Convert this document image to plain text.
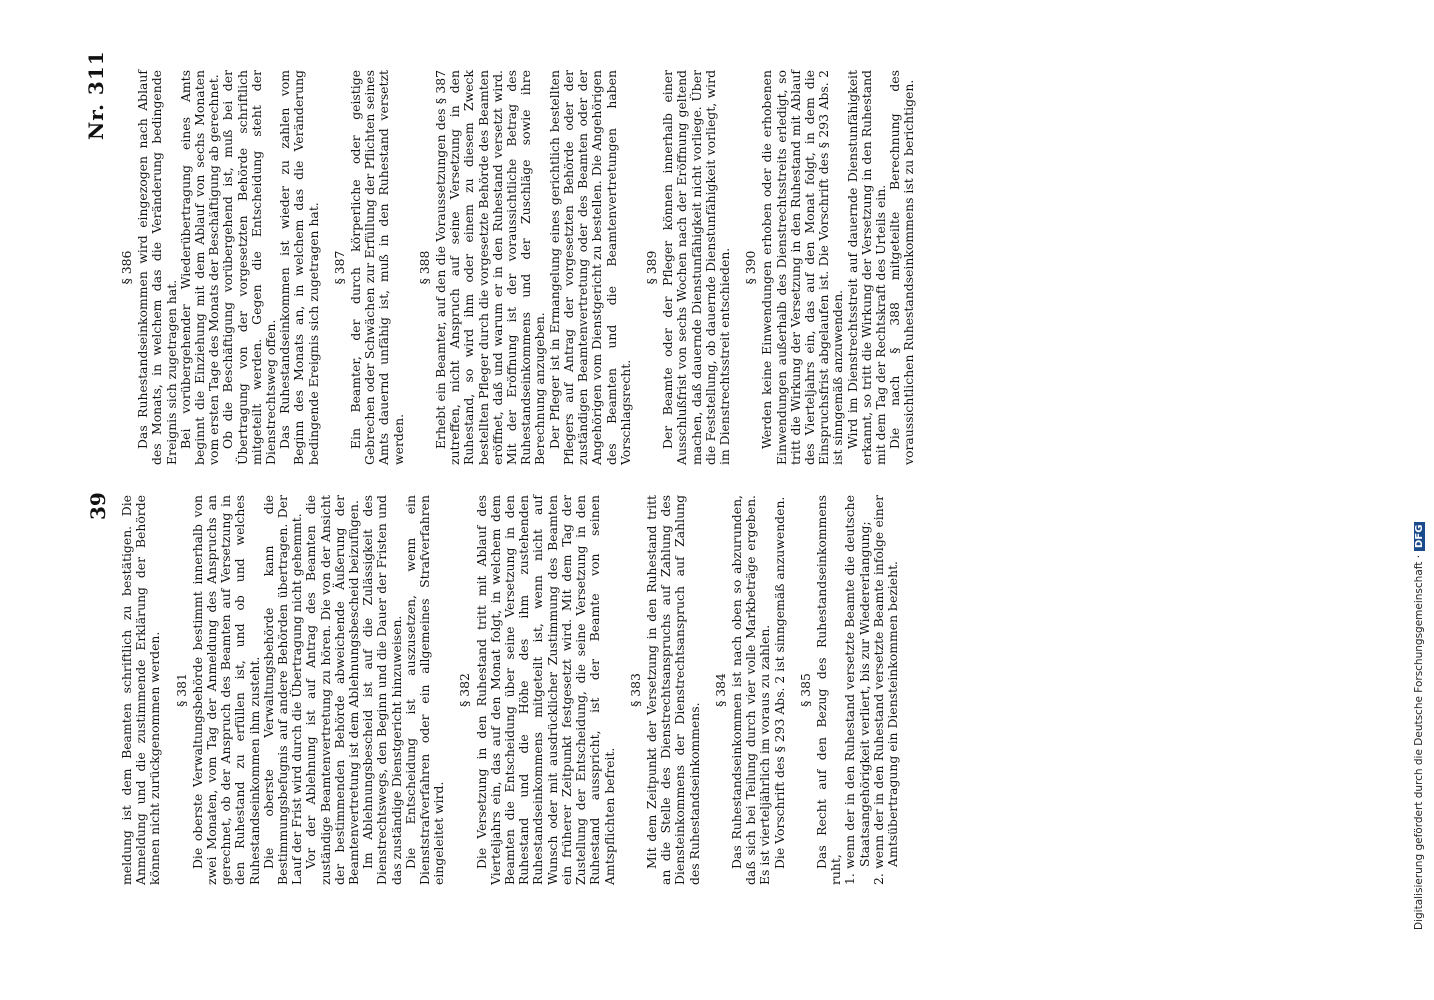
39
Nr. 311

meldung ist dem Beamten schriftlich zu bestätigen. Die Anmeldung und die zustimmende Erklärung der Behörde können nicht zurückgenommen werden. § 381 Die oberste Verwaltungsbehörde bestimmt innerhalb von zwei Monaten, vom Tag der Anmeldung des Anspruchs an gerechnet, ob der Anspruch des Beamten auf Versetzung in den Ruhestand zu erfüllen ist, und ob und welches Ruhestandseinkommen ihm zusteht. Die oberste Verwaltungsbehörde kann die Bestimmungsbefugnis auf andere Behörden übertragen. Der Lauf der Frist wird durch die Übertragung nicht gehemmt. Vor der Ablehnung ist auf Antrag des Beamten die zuständige Beamtenvertretung zu hören. Die von der Ansicht der bestimmenden Behörde abweichende Äußerung der Beamtenvertretung ist dem Ablehnungsbescheid beizufügen. Im Ablehnungsbescheid ist auf die Zulässigkeit des Dienstrechtswegs, den Beginn und die Dauer der Fristen und das zuständige Dienstgericht hinzuweisen. Die Entscheidung ist auszusetzen, wenn ein Dienststrafverfahren oder ein allgemeines Strafverfahren eingeleitet wird.

§ 382 Die Versetzung in den Ruhestand tritt mit Ablauf des Vierteljahrs ein, das auf den Monat folgt, in welchem dem Beamten die Entscheidung über seine Versetzung in den Ruhestand und die Höhe des ihm zustehenden Ruhestandseinkommens mitgeteilt ist, wenn nicht auf Wunsch oder mit ausdrücklicher Zustimmung des Beamten ein früherer Zeitpunkt festgesetzt wird. Mit dem Tag der Zustellung der Entscheidung, die seine Versetzung in den Ruhestand ausspricht, ist der Beamte von seinen Amtspflichten befreit.

§ 383 Mit dem Zeitpunkt der Versetzung in den Ruhestand tritt an die Stelle des Dienstrechtsanspruchs auf Zahlung des Diensteinkommens der Dienstrechtsanspruch auf Zahlung des Ruhestandseinkommens.

§ 384 Das Ruhestandseinkommen ist nach oben so abzurunden, daß sich bei Teilung durch vier volle Markbeträge ergeben. Es ist vierteljährlich im voraus zu zahlen. Die Vorschrift des § 293 Abs. 2 ist sinngemäß anzuwenden. § 385 Das Recht auf den Bezug des Ruhestandseinkommens ruht, 1. wenn der in den Ruhestand versetzte Beamte die deutsche Staatsangehörigkeit verliert, bis zur Wiedererlangung; 2. wenn der in den Ruhestand versetzte Beamte infolge einer Amtsübertragung ein Diensteinkommen bezieht.

§ 386 Das Ruhestandseinkommen wird eingezogen nach Ablauf des Monats, in welchem das die Veränderung bedingende Ereignis sich zugetragen hat. Bei vorübergehender Wiederübertragung eines Amts beginnt die Einziehung mit dem Ablauf von sechs Monaten vom ersten Tage des Monats der Beschäftigung ab gerechnet. Ob die Beschäftigung vorübergehend ist, muß bei der Übertragung von der vorgesetzten Behörde schriftlich mitgeteilt werden. Gegen die Entscheidung steht der Dienstrechtsweg offen. Das Ruhestandseinkommen ist wieder zu zahlen vom Beginn des Monats an, in welchem das die Veränderung bedingende Ereignis sich zugetragen hat. § 387 Ein Beamter, der durch körperliche oder geistige Gebrechen oder Schwächen zur Erfüllung der Pflichten seines Amts dauernd unfähig ist, muß in den Ruhestand versetzt werden.

§ 388 Erhebt ein Beamter, auf den die Voraussetzungen des § 387 zutreffen, nicht Anspruch auf seine Versetzung in den Ruhestand, so wird ihm oder einem zu diesem Zweck bestellten Pfleger durch die vorgesetzte Behörde des Beamten eröffnet, daß und warum er in den Ruhestand versetzt wird. Mit der Eröffnung ist der voraussichtliche Betrag des Ruhestandseinkommens und der Zuschläge sowie ihre Berechnung anzugeben. Der Pfleger ist in Ermangelung eines gerichtlich bestellten Pflegers auf Antrag der vorgesetzten Behörde oder der zuständigen Beamtenvertretung oder des Beamten oder der Angehörigen vom Dienstgericht zu bestellen. Die Angehörigen des Beamten und die Beamtenvertretungen haben Vorschlagsrecht.

§ 389 Der Beamte oder der Pfleger können innerhalb einer Ausschlußfrist von sechs Wochen nach der Eröffnung geltend machen, daß dauernde Dienstunfähigkeit nicht vorliege. Über die Feststellung, ob dauernde Dienstunfähigkeit vorliegt, wird im Dienstrechtsstreit entschieden. § 390 Werden keine Einwendungen erhoben oder die erhobenen Einwendungen außerhalb des Dienstrechtsstreits erledigt, so tritt die Wirkung der Versetzung in den Ruhestand mit Ablauf des Vierteljahrs ein, das auf den Monat folgt, in dem die Einspruchsfrist abgelaufen ist. Die Vorschrift des § 293 Abs. 2 ist sinngemäß anzuwenden. Wird im Dienstrechtsstreit auf dauernde Dienstunfähigkeit erkannt, so tritt die Wirkung der Versetzung in den Ruhestand mit dem Tag der Rechtskraft des Urteils ein. Die nach § 388 mitgeteilte Berechnung des voraussichtlichen Ruhestandseinkommens ist zu berichtigen.

Digitalisierung gefördert durch die Deutsche Forschungsgemeinschaft ·DFG
